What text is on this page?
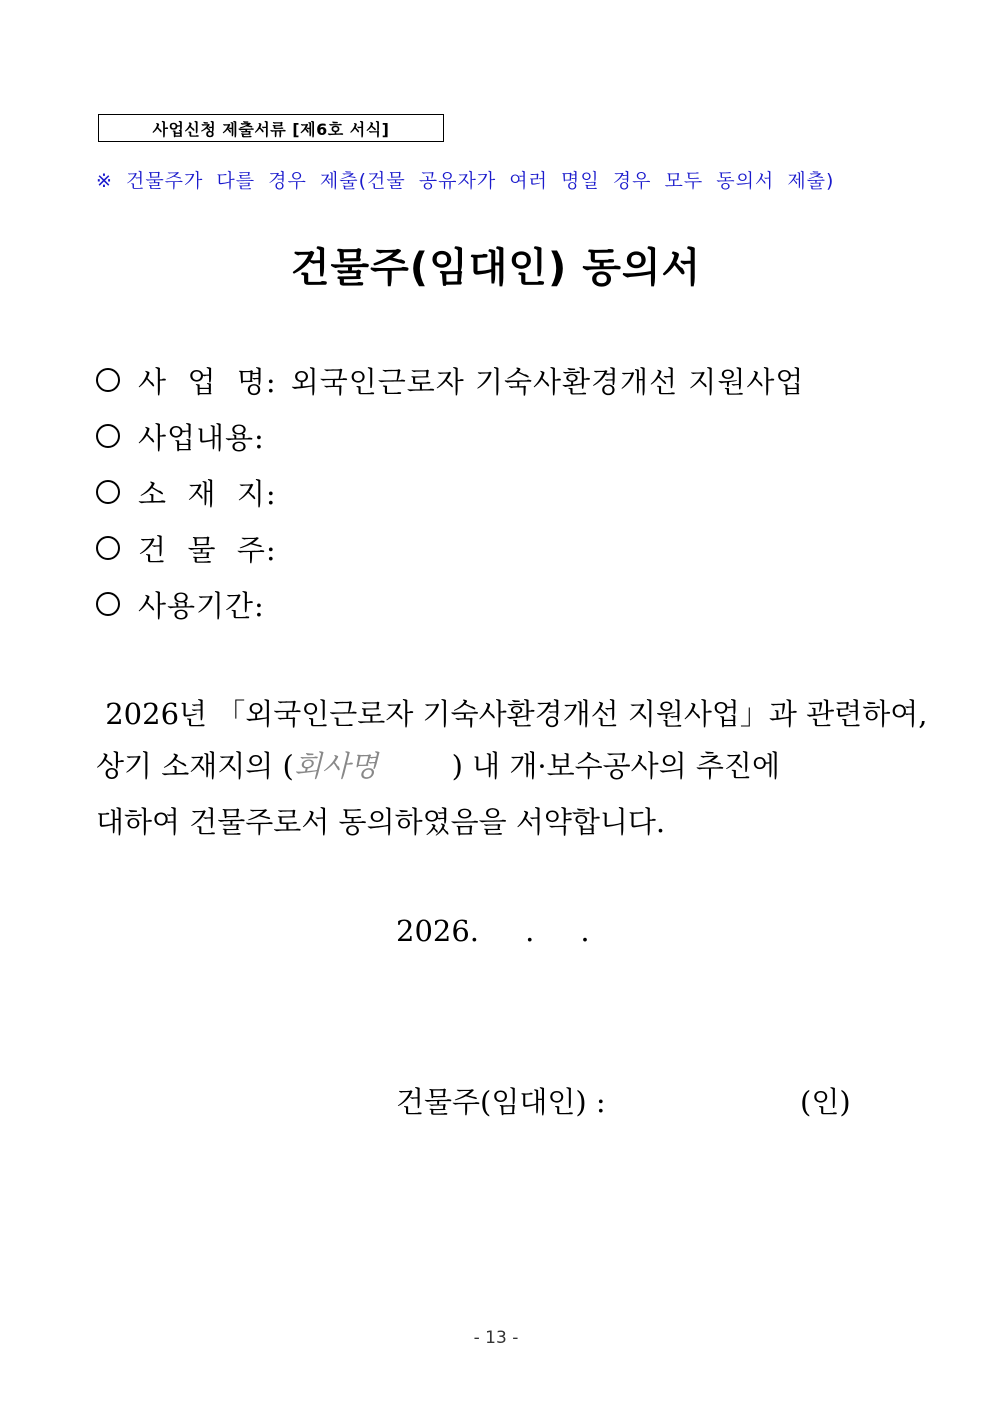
사업신청 제출서류 [제6호 서식]
※ 건물주가 다를 경우 제출(건물 공유자가 여러 명일 경우 모두 동의서 제출)
건물주(임대인) 동의서
사  업  명: 외국인근로자 기숙사환경개선 지원사업
사업내용:
소  재  지:
건  물  주:
사용기간:
2026년 「외국인근로자 기숙사환경개선 지원사업」과 관련하여,
상기 소재지의 (회사명        ) 내 개·보수공사의 추진에
대하여 건물주로서 동의하였음을 서약합니다.
2026.     .     .
건물주(임대인) :	(인)
- 13 -
